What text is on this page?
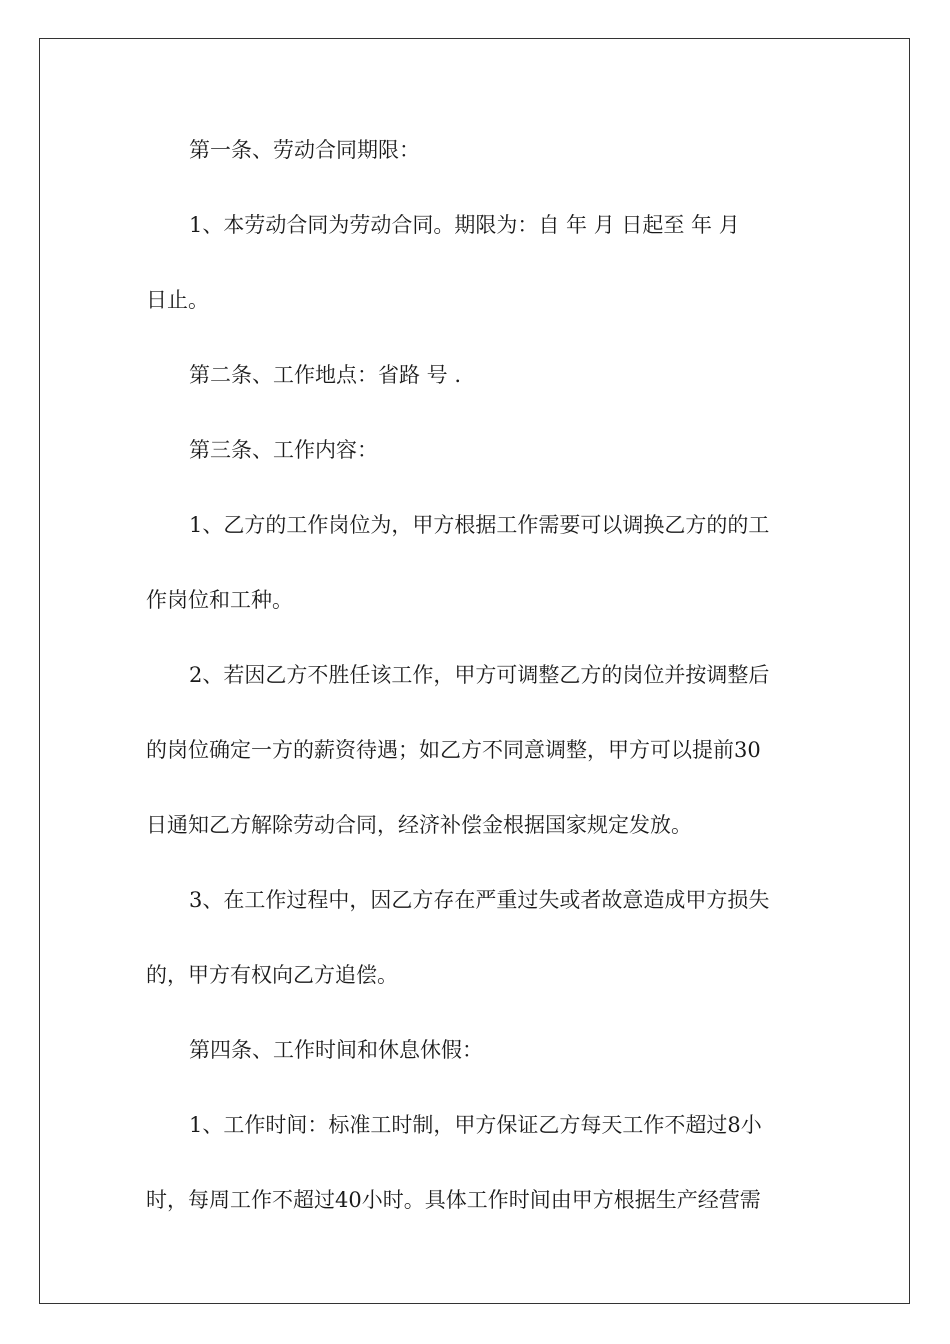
第一条、劳动合同期限：
1、本劳动合同为劳动合同。期限为：自 年 月 日起至 年 月
日止。
第二条、工作地点：省路 号 .
第三条、工作内容：
1、乙方的工作岗位为，甲方根据工作需要可以调换乙方的的工
作岗位和工种。
2、若因乙方不胜任该工作，甲方可调整乙方的岗位并按调整后
的岗位确定一方的薪资待遇；如乙方不同意调整，甲方可以提前30
日通知乙方解除劳动合同，经济补偿金根据国家规定发放。
3、在工作过程中，因乙方存在严重过失或者故意造成甲方损失
的，甲方有权向乙方追偿。
第四条、工作时间和休息休假：
1、工作时间：标准工时制，甲方保证乙方每天工作不超过8小
时，每周工作不超过40小时。具体工作时间由甲方根据生产经营需
